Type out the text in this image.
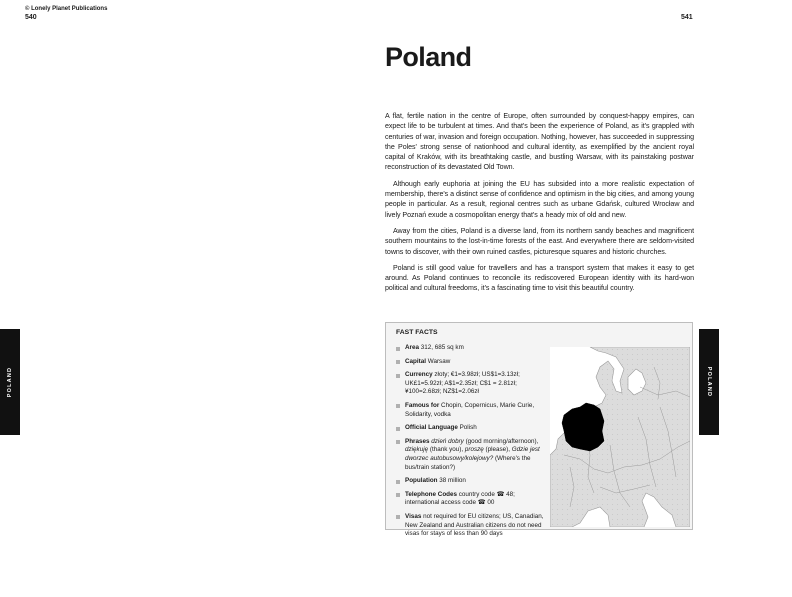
© Lonely Planet Publications
540	541
POLAND	POLAND
Poland

A flat, fertile nation in the centre of Europe, often surrounded by conquest-happy empires, can expect life to be turbulent at times. And that's been the experience of Poland, as it's grappled with centuries of war, invasion and foreign occupation. Nothing, however, has succeeded in suppressing the Poles' strong sense of nationhood and cultural identity, as exemplified by the ancient royal capital of Kraków, with its breathtaking castle, and bustling Warsaw, with its painstaking postwar reconstruction of its devastated Old Town.

Although early euphoria at joining the EU has subsided into a more realistic expectation of membership, there's a distinct sense of confidence and optimism in the big cities, and among young people in particular. As a result, regional centres such as urbane Gdańsk, cultured Wrocław and lively Poznań exude a cosmopolitan energy that's a heady mix of old and new.

Away from the cities, Poland is a diverse land, from its northern sandy beaches and magnificent southern mountains to the lost-in-time forests of the east. And everywhere there are seldom-visited towns to discover, with their own ruined castles, picturesque squares and historic churches.

Poland is still good value for travellers and has a transport system that makes it easy to get around. As Poland continues to reconcile its rediscovered European identity with its hard-won political and cultural freedoms, it's a fascinating time to visit this beautiful country.

FAST FACTS
Area 312, 685 sq km
Capital Warsaw
Currency złoty; €1=3.98zł; US$1=3.13zł; UK£1=5.92zł; A$1=2.35zł; C$1 = 2.81zł; ¥100=2.68zł; NZ$1=2.06zł
Famous for Chopin, Copernicus, Marie Curie, Solidarity, vodka
Official Language Polish
Phrases dzień dobry (good morning/afternoon), dziękuję (thank you), proszę (please), Gdzie jest dworzec autobusowy/kolejowy? (Where's the bus/train station?)
Population 38 million
Telephone Codes country code ☎ 48; international access code ☎ 00
Visas not required for EU citizens; US, Canadian, New Zealand and Australian citizens do not need visas for stays of less than 90 days
